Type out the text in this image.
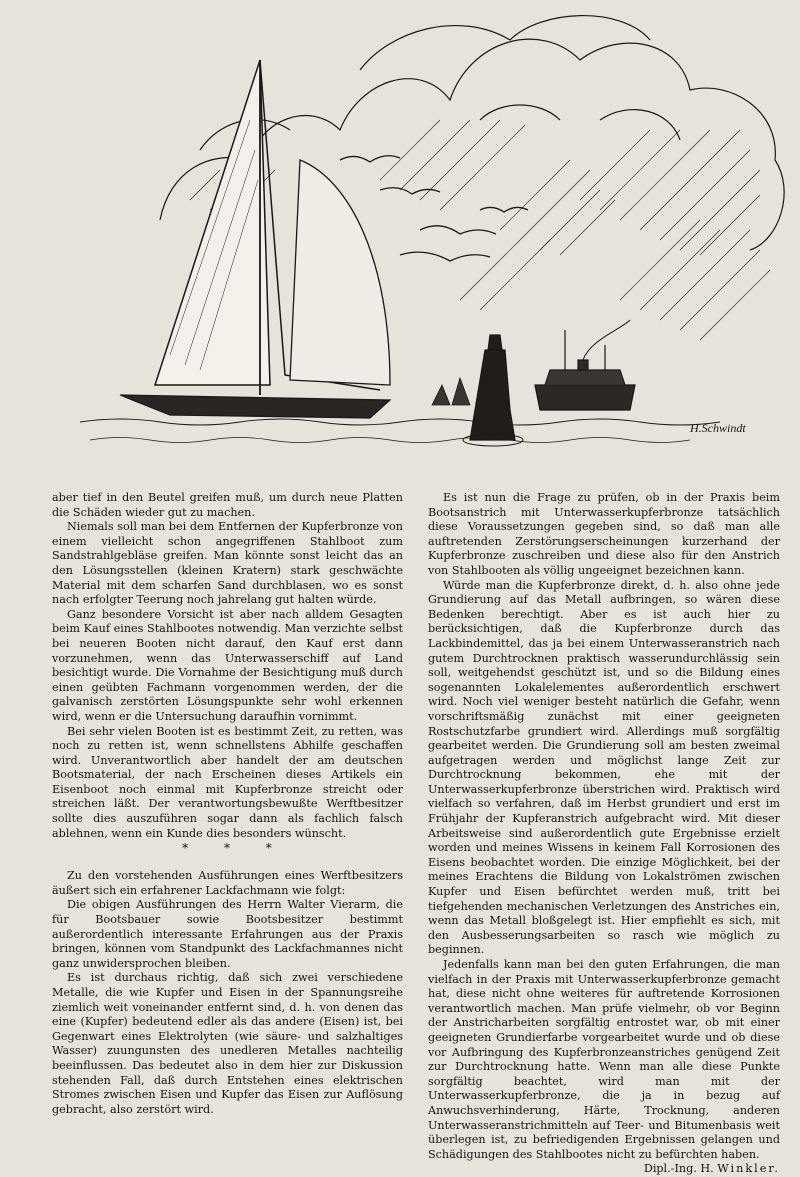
H.Schwindt

aber tief in den Beutel greifen muß, um durch neue Platten die Schäden wieder gut zu machen.

Niemals soll man bei dem Entfernen der Kupferbronze von einem vielleicht schon angegriffenen Stahlboot zum Sandstrahlgebläse greifen. Man könnte sonst leicht das an den Lösungsstellen (kleinen Kratern) stark geschwächte Material mit dem scharfen Sand durchblasen, wo es sonst nach erfolgter Teerung noch jahrelang gut halten würde.

Ganz besondere Vorsicht ist aber nach alldem Gesagten beim Kauf eines Stahlbootes notwendig. Man verzichte selbst bei neueren Booten nicht darauf, den Kauf erst dann vorzunehmen, wenn das Unterwasserschiff auf Land besichtigt wurde. Die Vornahme der Besichtigung muß durch einen geübten Fachmann vorgenommen werden, der die galvanisch zerstörten Lösungspunkte sehr wohl erkennen wird, wenn er die Untersuchung daraufhin vornimmt.

Bei sehr vielen Booten ist es bestimmt Zeit, zu retten, was noch zu retten ist, wenn schnellstens Abhilfe geschaffen wird. Unverantwortlich aber handelt der am deutschen Bootsmaterial, der nach Erscheinen dieses Artikels ein Eisenboot noch einmal mit Kupferbronze streicht oder streichen läßt. Der verantwortungsbewußte Werftbesitzer sollte dies auszuführen sogar dann als fachlich falsch ablehnen, wenn ein Kunde dies besonders wünscht.

* * *

Zu den vorstehenden Ausführungen eines Werftbesitzers äußert sich ein erfahrener Lackfachmann wie folgt:

Die obigen Ausführungen des Herrn Walter Vierarm, die für Bootsbauer sowie Bootsbesitzer bestimmt außerordentlich interessante Erfahrungen aus der Praxis bringen, können vom Standpunkt des Lackfachmannes nicht ganz unwidersprochen bleiben.

Es ist durchaus richtig, daß sich zwei verschiedene Metalle, die wie Kupfer und Eisen in der Spannungsreihe ziemlich weit voneinander entfernt sind, d. h. von denen das eine (Kupfer) bedeutend edler als das andere (Eisen) ist, bei Gegenwart eines Elektrolyten (wie säure- und salzhaltiges Wasser) zuungunsten des unedleren Metalles nachteilig beeinflussen. Das bedeutet also in dem hier zur Diskussion stehenden Fall, daß durch Entstehen eines elektrischen Stromes zwischen Eisen und Kupfer das Eisen zur Auflösung gebracht, also zerstört wird.

Es ist nun die Frage zu prüfen, ob in der Praxis beim Bootsanstrich mit Unterwasserkupferbronze tatsächlich diese Voraussetzungen gegeben sind, so daß man alle auftretenden Zerstörungserscheinungen kurzerhand der Kupferbronze zuschreiben und diese also für den Anstrich von Stahlbooten als völlig ungeeignet bezeichnen kann.

Würde man die Kupferbronze direkt, d. h. also ohne jede Grundierung auf das Metall aufbringen, so wären diese Bedenken berechtigt. Aber es ist auch hier zu berücksichtigen, daß die Kupferbronze durch das Lackbindemittel, das ja bei einem Unterwasseranstrich nach gutem Durchtrocknen praktisch wasserundurchlässig sein soll, weitgehendst geschützt ist, und so die Bildung eines sogenannten Lokalelementes außerordentlich erschwert wird. Noch viel weniger besteht natürlich die Gefahr, wenn vorschriftsmäßig zunächst mit einer geeigneten Rostschutzfarbe grundiert wird. Allerdings muß sorgfältig gearbeitet werden. Die Grundierung soll am besten zweimal aufgetragen werden und möglichst lange Zeit zur Durchtrocknung bekommen, ehe mit der Unterwasserkupferbronze überstrichen wird. Praktisch wird vielfach so verfahren, daß im Herbst grundiert und erst im Frühjahr der Kupferanstrich aufgebracht wird. Mit dieser Arbeitsweise sind außerordentlich gute Ergebnisse erzielt worden und meines Wissens in keinem Fall Korrosionen des Eisens beobachtet worden. Die einzige Möglichkeit, bei der meines Erachtens die Bildung von Lokalströmen zwischen Kupfer und Eisen befürchtet werden muß, tritt bei tiefgehenden mechanischen Verletzungen des Anstriches ein, wenn das Metall bloßgelegt ist. Hier empfiehlt es sich, mit den Ausbesserungsarbeiten so rasch wie möglich zu beginnen.

Jedenfalls kann man bei den guten Erfahrungen, die man vielfach in der Praxis mit Unterwasserkupferbronze gemacht hat, diese nicht ohne weiteres für auftretende Korrosionen verantwortlich machen. Man prüfe vielmehr, ob vor Beginn der Anstricharbeiten sorgfältig entrostet war, ob mit einer geeigneten Grundierfarbe vorgearbeitet wurde und ob diese vor Aufbringung des Kupferbronzeanstriches genügend Zeit zur Durchtrocknung hatte. Wenn man alle diese Punkte sorgfältig beachtet, wird man mit der Unterwasserkupferbronze, die ja in bezug auf Anwuchsverhinderung, Härte, Trocknung, anderen Unterwasseranstrichmitteln auf Teer- und Bitumenbasis weit überlegen ist, zu befriedigenden Ergebnissen gelangen und Schädigungen des Stahlbootes nicht zu befürchten haben.

Dipl.-Ing. H. Winkler.
